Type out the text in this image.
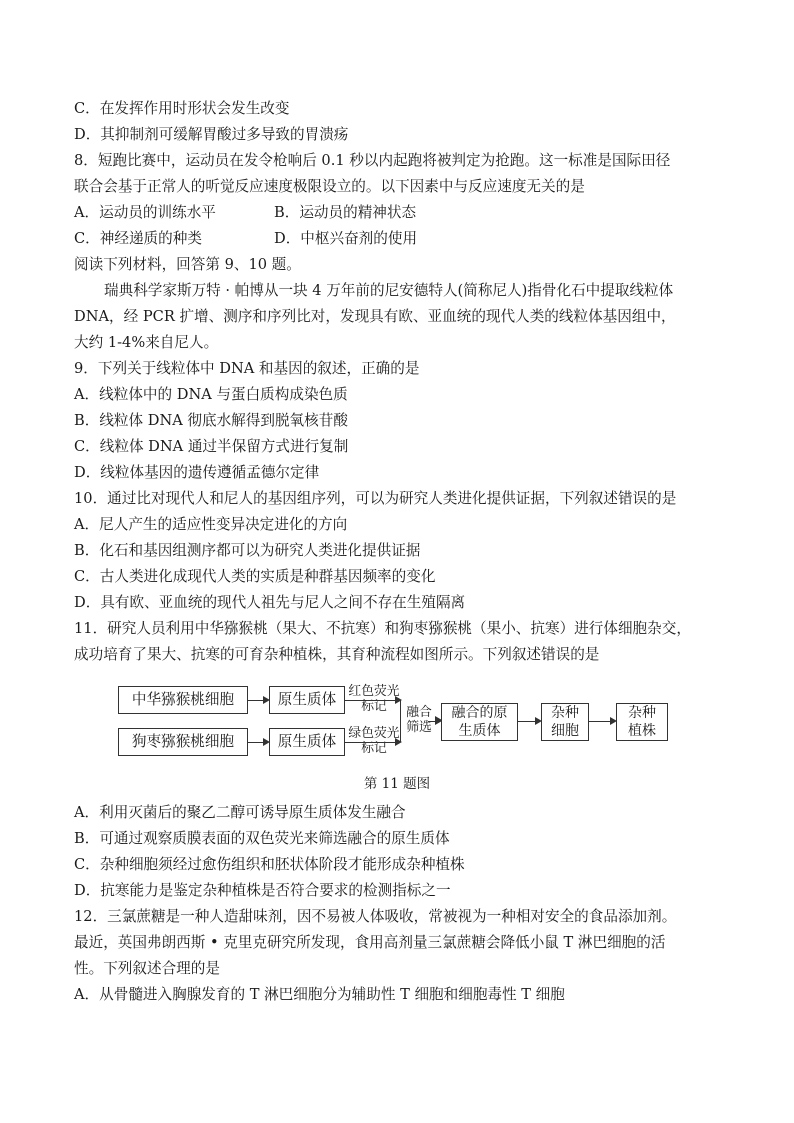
C．在发挥作用时形状会发生改变
D．其抑制剂可缓解胃酸过多导致的胃溃疡
8．短跑比赛中，运动员在发令枪响后 0.1 秒以内起跑将被判定为抢跑。这一标准是国际田径
联合会基于正常人的听觉反应速度极限设立的。以下因素中与反应速度无关的是
A．运动员的训练水平	B．运动员的精神状态
C．神经递质的种类	D．中枢兴奋剂的使用
阅读下列材料，回答第 9、10 题。
瑞典科学家斯万特 · 帕博从一块 4 万年前的尼安德特人(简称尼人)指骨化石中提取线粒体
DNA，经 PCR 扩增、测序和序列比对，发现具有欧、亚血统的现代人类的线粒体基因组中，
大约 1-4%来自尼人。
9．下列关于线粒体中 DNA 和基因的叙述，正确的是
A．线粒体中的 DNA 与蛋白质构成染色质
B．线粒体 DNA 彻底水解得到脱氧核苷酸
C．线粒体 DNA 通过半保留方式进行复制
D．线粒体基因的遗传遵循孟德尔定律
10．通过比对现代人和尼人的基因组序列，可以为研究人类进化提供证据，下列叙述错误的是
A．尼人产生的适应性变异决定进化的方向
B．化石和基因组测序都可以为研究人类进化提供证据
C．古人类进化成现代人类的实质是种群基因频率的变化
D．具有欧、亚血统的现代人祖先与尼人之间不存在生殖隔离
11．研究人员利用中华猕猴桃（果大、不抗寒）和狗枣猕猴桃（果小、抗寒）进行体细胞杂交，
成功培育了果大、抗寒的可育杂种植株，其育种流程如图所示。下列叙述错误的是
中华猕猴桃细胞
狗枣猕猴桃细胞
原生质体
原生质体
红色荧光标记
绿色荧光标记
融合筛选
融合的原生质体
杂种细胞
杂种植株
第 11 题图
A．利用灭菌后的聚乙二醇可诱导原生质体发生融合
B．可通过观察质膜表面的双色荧光来筛选融合的原生质体
C．杂种细胞须经过愈伤组织和胚状体阶段才能形成杂种植株
D．抗寒能力是鉴定杂种植株是否符合要求的检测指标之一
12．三氯蔗糖是一种人造甜味剂，因不易被人体吸收，常被视为一种相对安全的食品添加剂。
最近，英国弗朗西斯 • 克里克研究所发现，食用高剂量三氯蔗糖会降低小鼠 T 淋巴细胞的活
性。下列叙述合理的是
A．从骨髓进入胸腺发育的 T 淋巴细胞分为辅助性 T 细胞和细胞毒性 T 细胞
